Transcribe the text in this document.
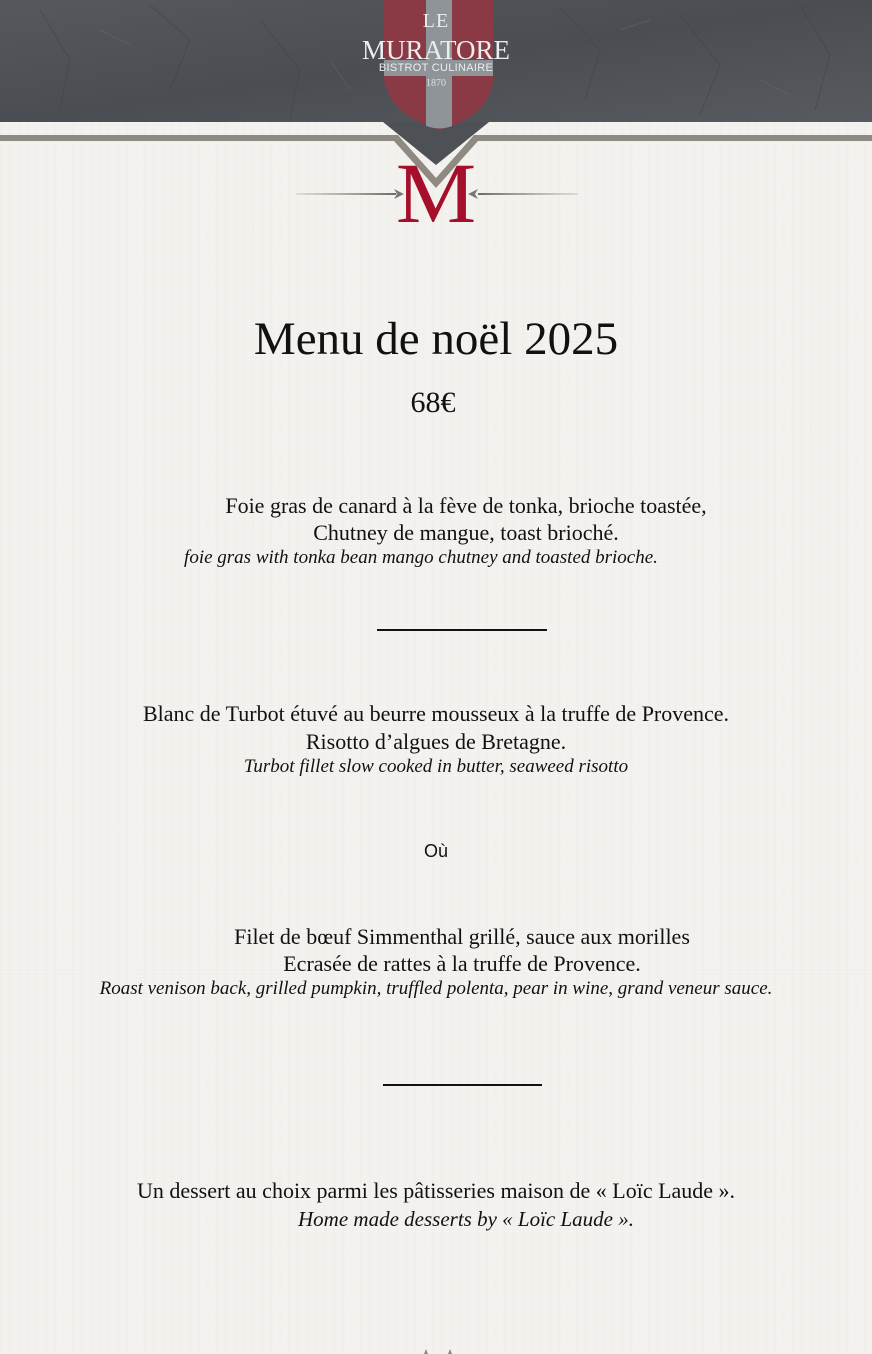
LE
MURATORE
BISTROT CULINAIRE
1870
M
Menu de noël 2025
68€
Foie gras de canard à la fève de tonka, brioche toastée,
Chutney de mangue, toast brioché.
foie gras with tonka bean mango chutney and toasted brioche.
Blanc de Turbot étuvé au beurre mousseux à la truffe de Provence.
Risotto d’algues de Bretagne.
Turbot fillet slow cooked in butter, seaweed risotto
Où
Filet de bœuf Simmenthal grillé, sauce aux morilles
Ecrasée de rattes à la truffe de Provence.
Roast venison back, grilled pumpkin, truffled polenta, pear in wine, grand veneur sauce.
Un dessert au choix parmi les pâtisseries maison de « Loïc Laude ».
Home made desserts by « Loïc Laude ».
